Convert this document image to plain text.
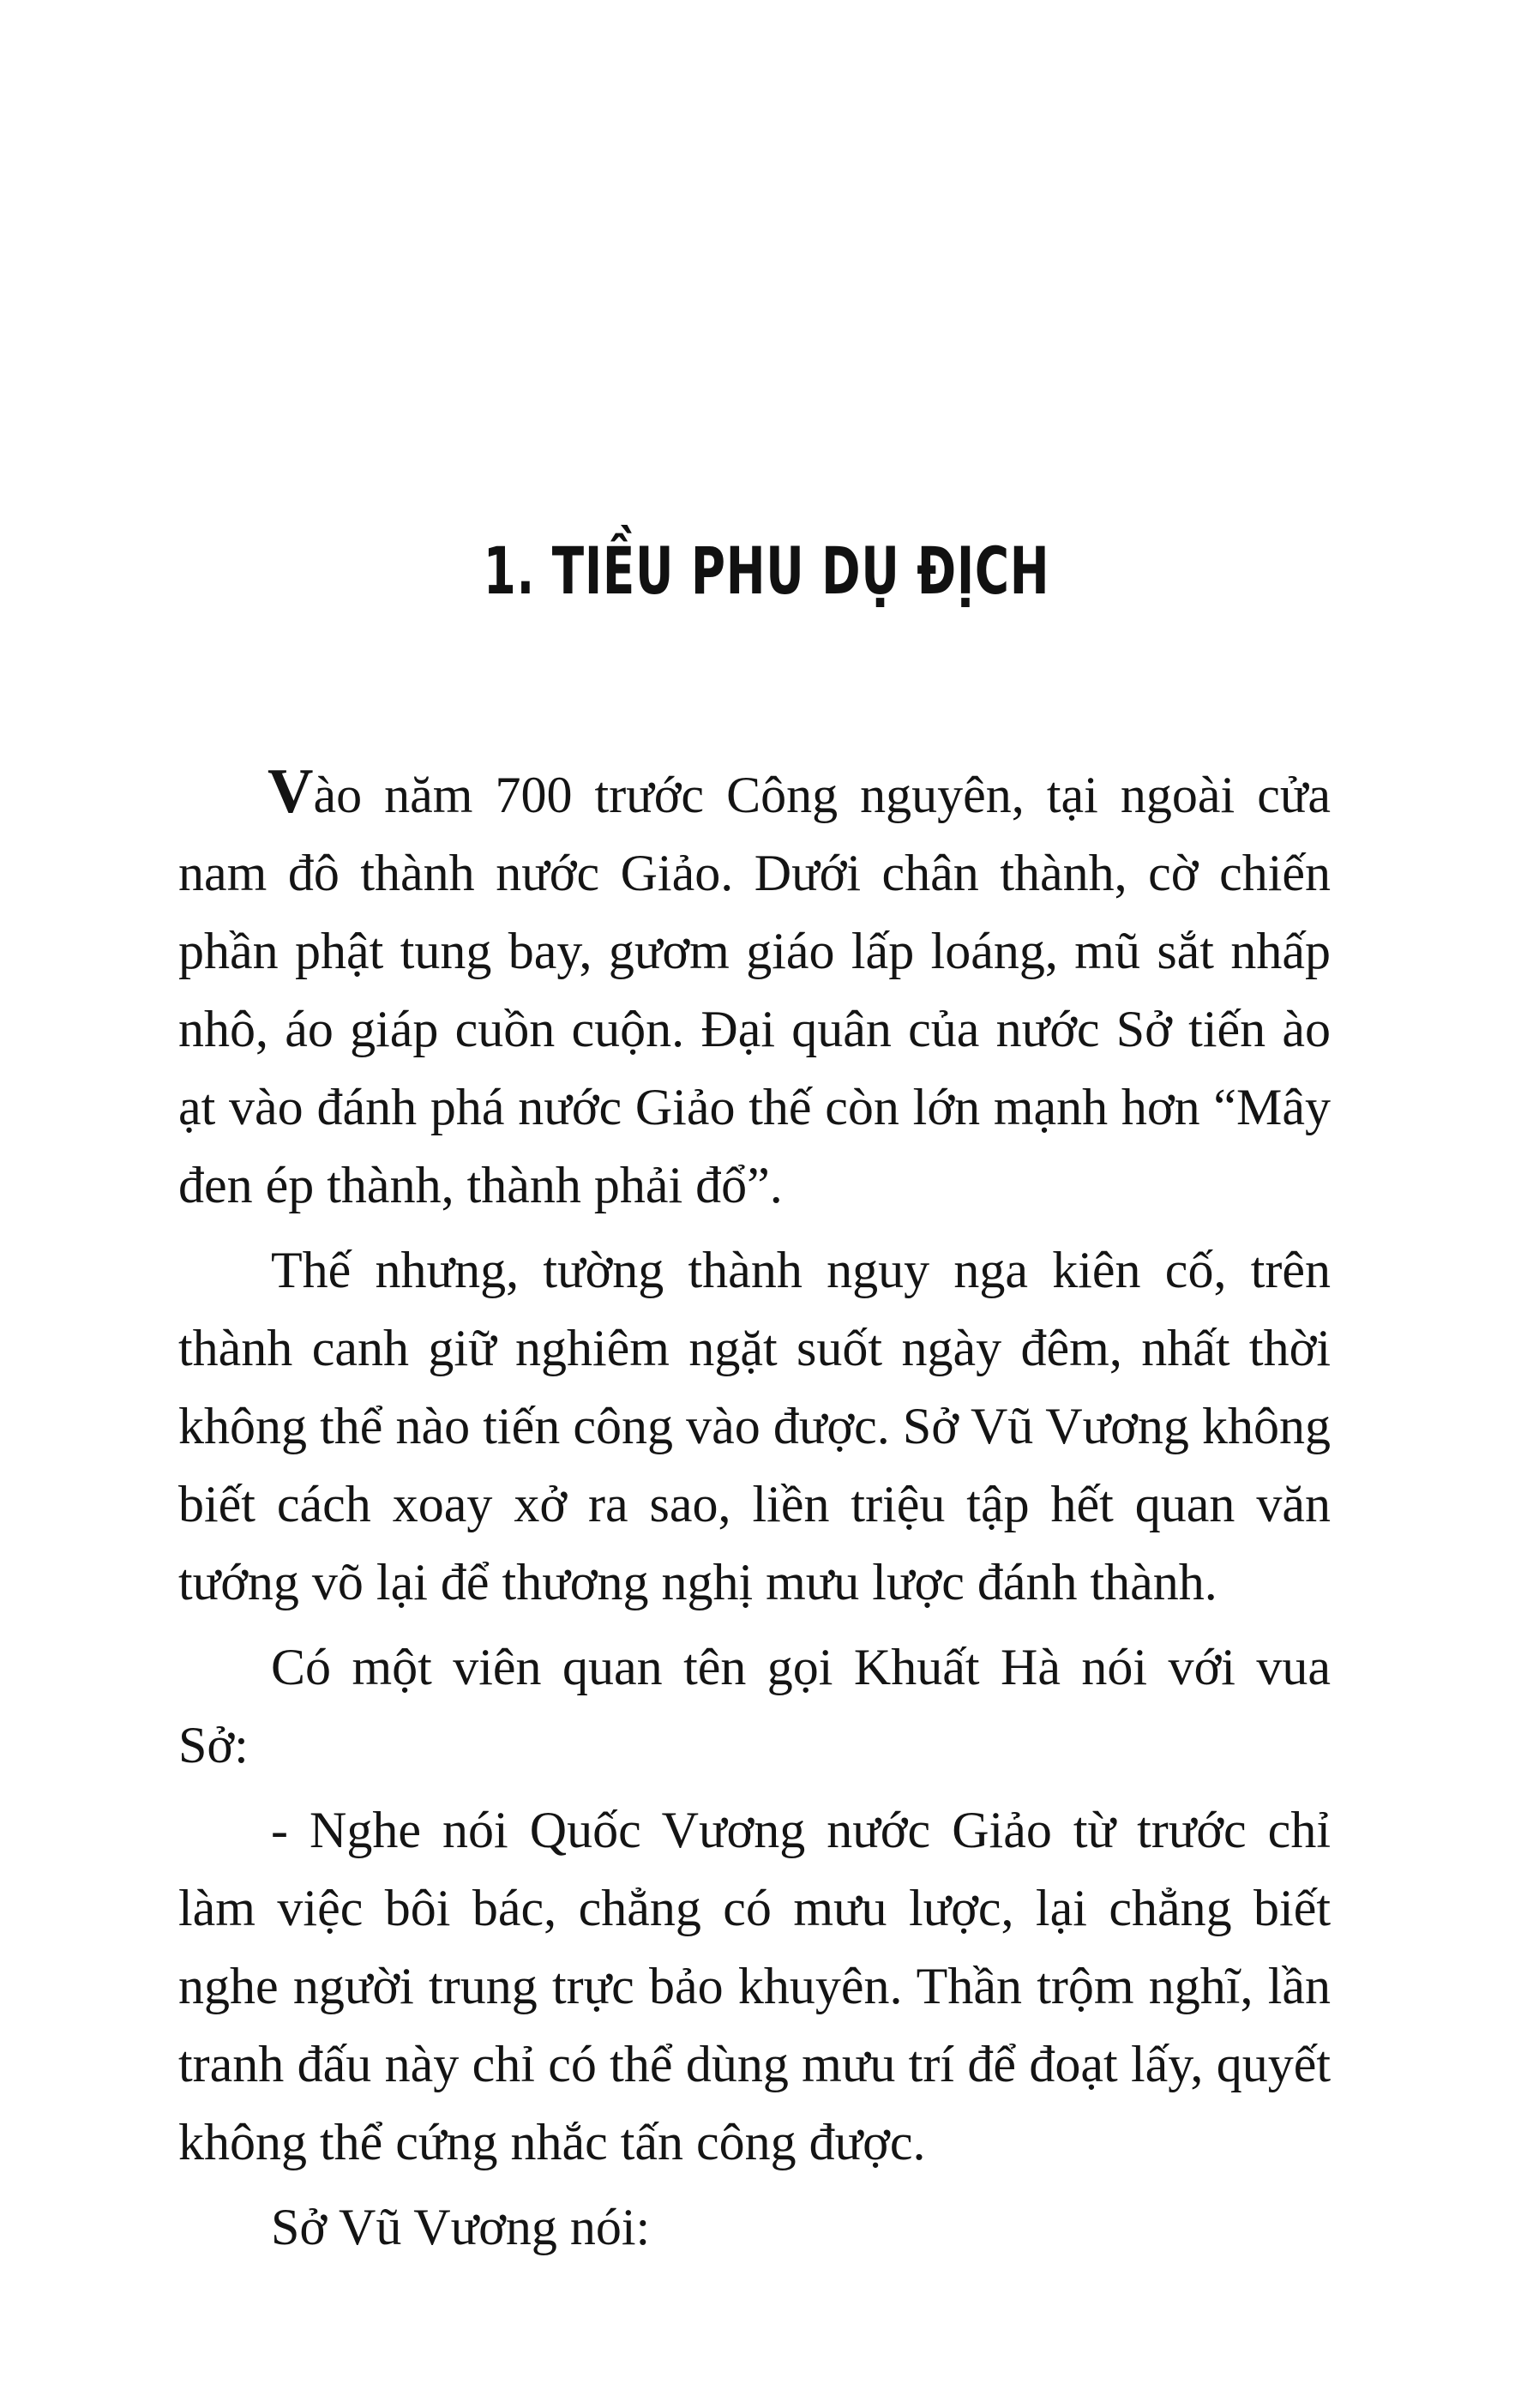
1. TIỀU PHU DỤ ĐỊCH

Vào năm 700 trước Công nguyên, tại ngoài cửa nam đô thành nước Giảo. Dưới chân thành, cờ chiến phần phật tung bay, gươm giáo lấp loáng, mũ sắt nhấp nhô, áo giáp cuồn cuộn. Đại quân của nước Sở tiến ào ạt vào đánh phá nước Giảo thế còn lớn mạnh hơn “Mây đen ép thành, thành phải đổ”.

Thế nhưng, tường thành nguy nga kiên cố, trên thành canh giữ nghiêm ngặt suốt ngày đêm, nhất thời không thể nào tiến công vào được. Sở Vũ Vương không biết cách xoay xở ra sao, liền triệu tập hết quan văn tướng võ lại để thương nghị mưu lược đánh thành.

Có một viên quan tên gọi Khuất Hà nói với vua Sở:

- Nghe nói Quốc Vương nước Giảo từ trước chỉ làm việc bôi bác, chẳng có mưu lược, lại chẳng biết nghe người trung trực bảo khuyên. Thần trộm nghĩ, lần tranh đấu này chỉ có thể dùng mưu trí để đoạt lấy, quyết không thể cứng nhắc tấn công được.

Sở Vũ Vương nói:
